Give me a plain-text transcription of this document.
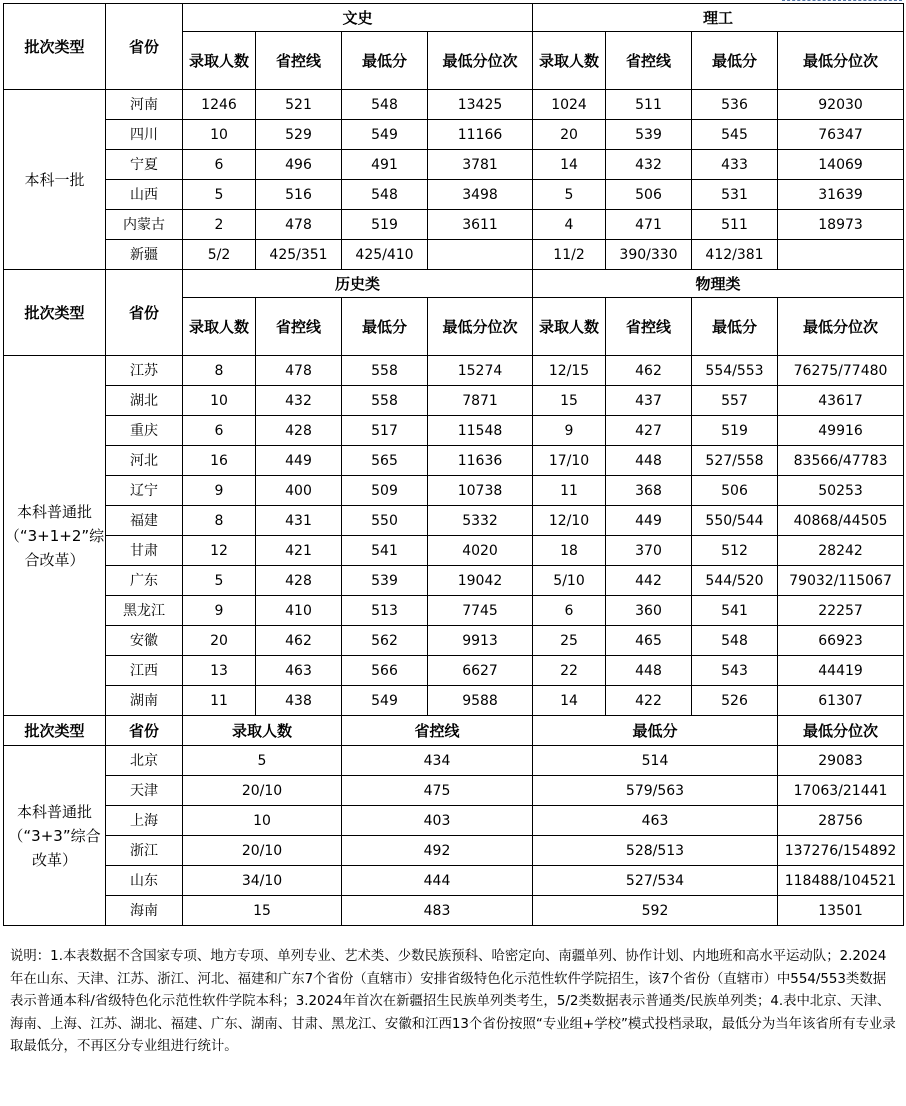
批次类型	省份	文史				理工			
		录取人数	省控线	最低分	最低分位次	录取人数	省控线	最低分	最低分位次
本科一批	河南	1246	521	548	13425	1024	511	536	92030
	四川	10	529	549	11166	20	539	545	76347
	宁夏	6	496	491	3781	14	432	433	14069
	山西	5	516	548	3498	5	506	531	31639
	内蒙古	2	478	519	3611	4	471	511	18973
	新疆	5/2	425/351	425/410		11/2	390/330	412/381	
批次类型	省份	历史类				物理类			
		录取人数	省控线	最低分	最低分位次	录取人数	省控线	最低分	最低分位次
本科普通批（“3+1+2”综合改革）	江苏	8	478	558	15274	12/15	462	554/553	76275/77480
	湖北	10	432	558	7871	15	437	557	43617
	重庆	6	428	517	11548	9	427	519	49916
	河北	16	449	565	11636	17/10	448	527/558	83566/47783
	辽宁	9	400	509	10738	11	368	506	50253
	福建	8	431	550	5332	12/10	449	550/544	40868/44505
	甘肃	12	421	541	4020	18	370	512	28242
	广东	5	428	539	19042	5/10	442	544/520	79032/115067
	黑龙江	9	410	513	7745	6	360	541	22257
	安徽	20	462	562	9913	25	465	548	66923
	江西	13	463	566	6627	22	448	543	44419
	湖南	11	438	549	9588	14	422	526	61307
批次类型	省份	录取人数		省控线		最低分			最低分位次
本科普通批（“3+3”综合改革）	北京	5		434		514			29083
	天津	20/10		475		579/563			17063/21441
	上海	10		403		463			28756
	浙江	20/10		492		528/513			137276/154892
	山东	34/10		444		527/534			118488/104521
	海南	15		483		592			13501
说明：1.本表数据不含国家专项、地方专项、单列专业、艺术类、少数民族预科、哈密定向、南疆单列、协作计划、内地班和高水平运动队；2.2024年在山东、天津、江苏、浙江、河北、福建和广东7个省份（直辖市）安排省级特色化示范性软件学院招生，该7个省份（直辖市）中554/553类数据表示普通本科/省级特色化示范性软件学院本科；3.2024年首次在新疆招生民族单列类考生，5/2类数据表示普通类/民族单列类；4.表中北京、天津、海南、上海、江苏、湖北、福建、广东、湖南、甘肃、黑龙江、安徽和江西13个省份按照“专业组+学校”模式投档录取，最低分为当年该省所有专业录取最低分，不再区分专业组进行统计。
